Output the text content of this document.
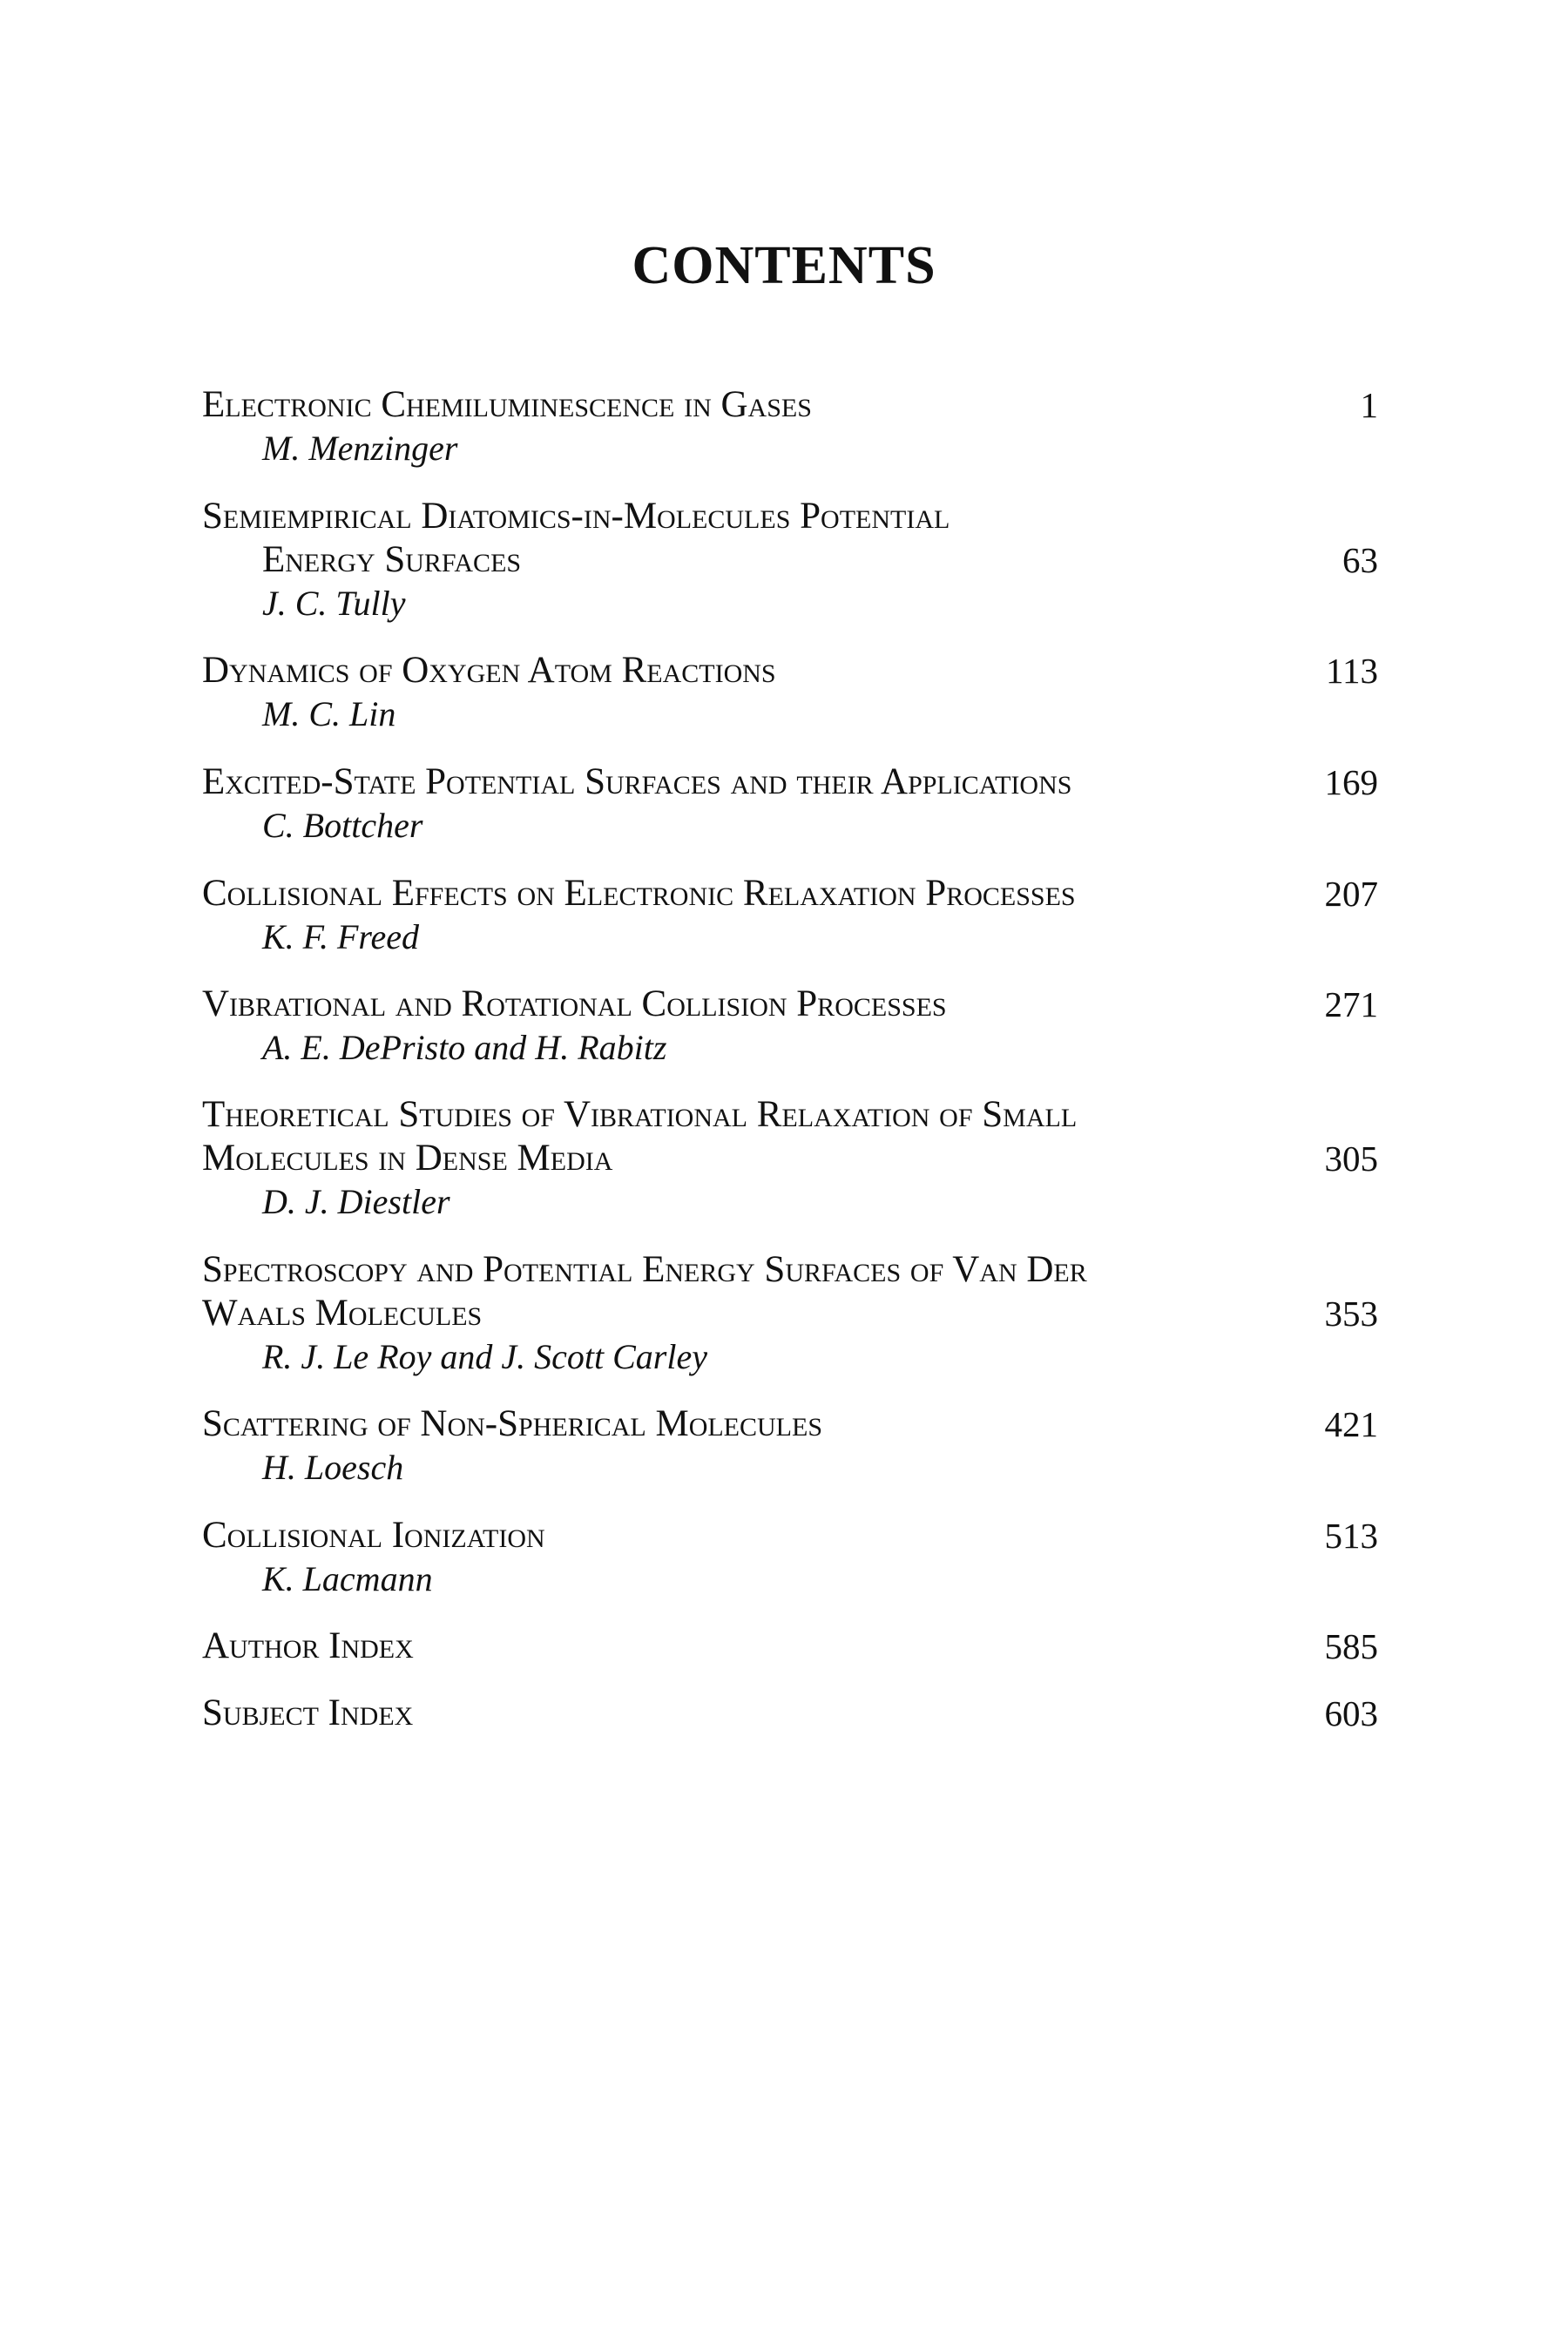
CONTENTS
Electronic Chemiluminescence in Gases	1
M. Menzinger
Semiempirical Diatomics-in-Molecules Potential
Energy Surfaces	63
J. C. Tully
Dynamics of Oxygen Atom Reactions	113
M. C. Lin
Excited-State Potential Surfaces and their Applications	169
C. Bottcher
Collisional Effects on Electronic Relaxation Processes	207
K. F. Freed
Vibrational and Rotational Collision Processes	271
A. E. DePristo and H. Rabitz
Theoretical Studies of Vibrational Relaxation of Small
Molecules in Dense Media	305
D. J. Diestler
Spectroscopy and Potential Energy Surfaces of Van Der
Waals Molecules	353
R. J. Le Roy and J. Scott Carley
Scattering of Non-Spherical Molecules	421
H. Loesch
Collisional Ionization	513
K. Lacmann
Author Index	585
Subject Index	603
